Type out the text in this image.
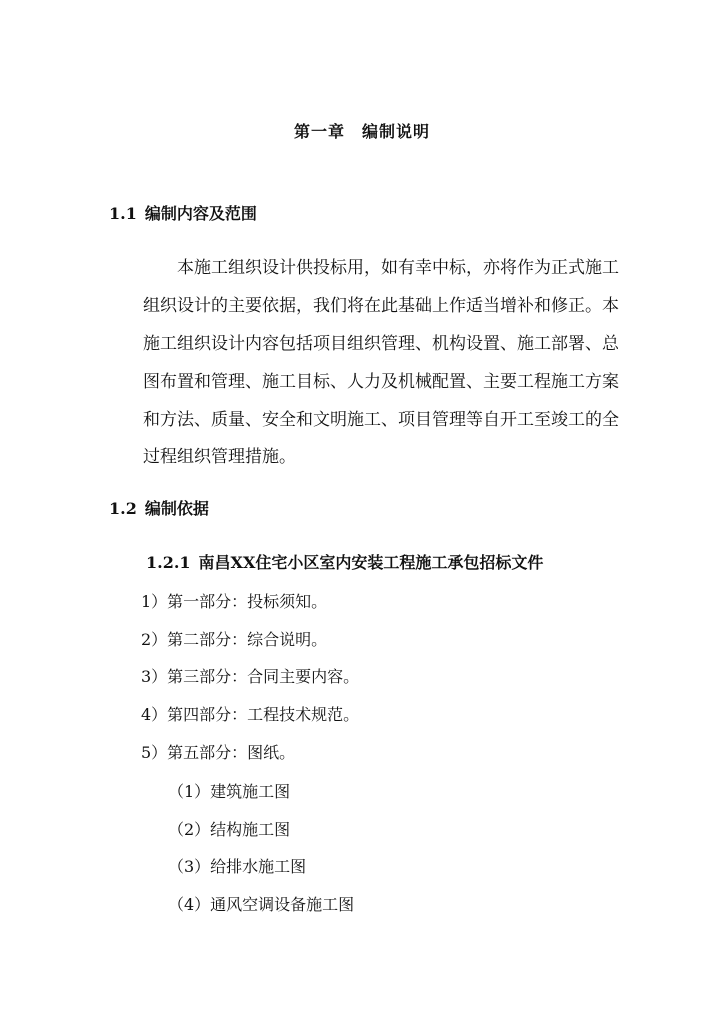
第一章　编制说明
1.1 编制内容及范围
本施工组织设计供投标用，如有幸中标，亦将作为正式施工
组织设计的主要依据，我们将在此基础上作适当增补和修正。本
施工组织设计内容包括项目组织管理、机构设置、施工部署、总
图布置和管理、施工目标、人力及机械配置、主要工程施工方案
和方法、质量、安全和文明施工、项目管理等自开工至竣工的全
过程组织管理措施。
1.2 编制依据
1.2.1 南昌XX住宅小区室内安装工程施工承包招标文件
1）第一部分：投标须知。
2）第二部分：综合说明。
3）第三部分：合同主要内容。
4）第四部分：工程技术规范。
5）第五部分：图纸。
（1）建筑施工图
（2）结构施工图
（3）给排水施工图
（4）通风空调设备施工图
